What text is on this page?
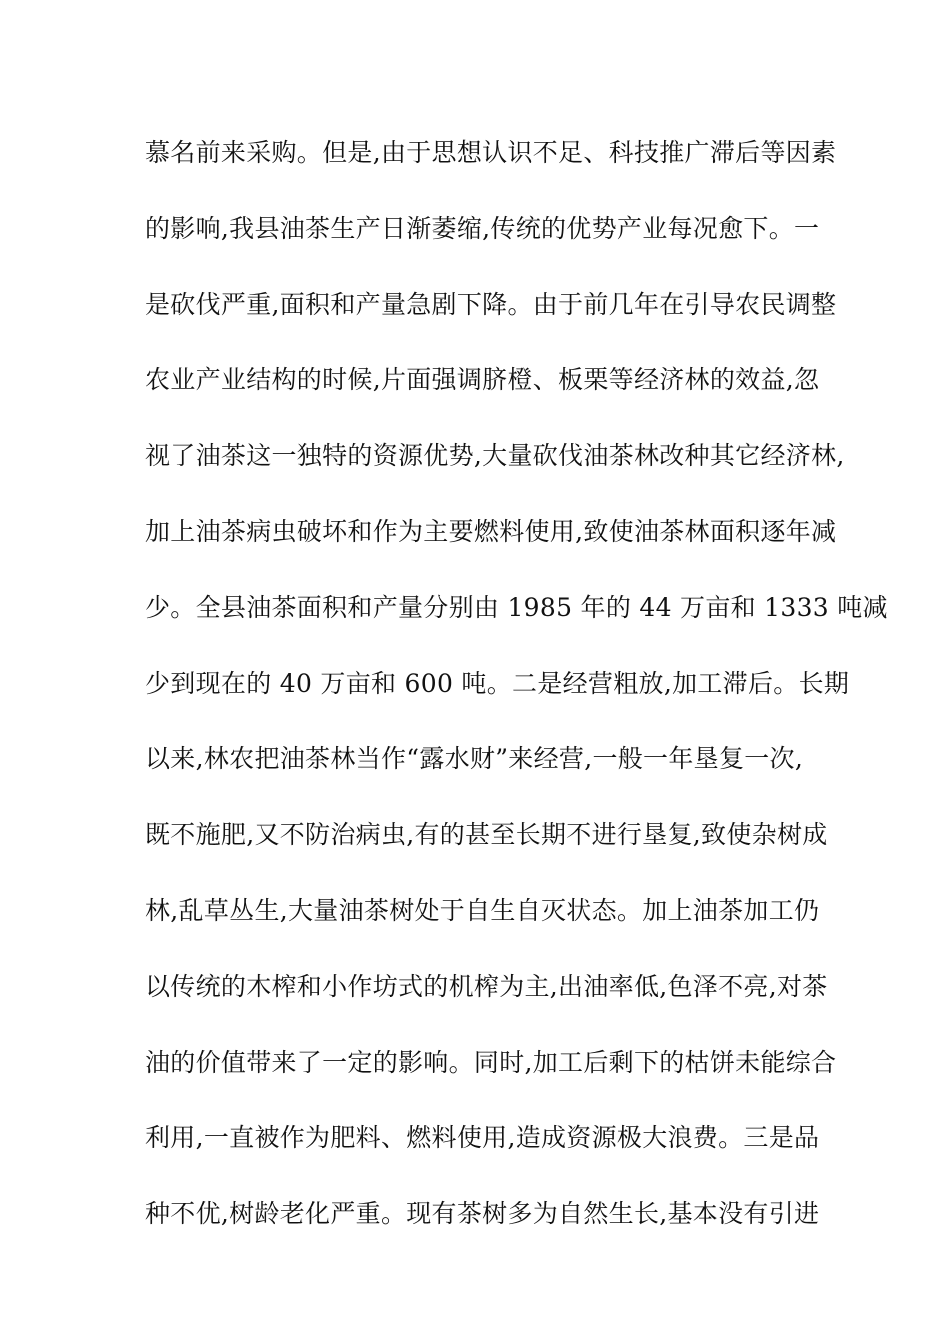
慕名前来采购。但是,由于思想认识不足、科技推广滞后等因素
的影响,我县油茶生产日渐萎缩,传统的优势产业每况愈下。一
是砍伐严重,面积和产量急剧下降。由于前几年在引导农民调整
农业产业结构的时候,片面强调脐橙、板栗等经济林的效益,忽
视了油茶这一独特的资源优势,大量砍伐油茶林改种其它经济林,
加上油茶病虫破坏和作为主要燃料使用,致使油茶林面积逐年减
少。全县油茶面积和产量分别由 1985 年的 44 万亩和 1333 吨减
少到现在的 40 万亩和 600 吨。二是经营粗放,加工滞后。长期
以来,林农把油茶林当作“露水财”来经营,一般一年垦复一次,
既不施肥,又不防治病虫,有的甚至长期不进行垦复,致使杂树成
林,乱草丛生,大量油茶树处于自生自灭状态。加上油茶加工仍
以传统的木榨和小作坊式的机榨为主,出油率低,色泽不亮,对茶
油的价值带来了一定的影响。同时,加工后剩下的枯饼未能综合
利用,一直被作为肥料、燃料使用,造成资源极大浪费。三是品
种不优,树龄老化严重。现有茶树多为自然生长,基本没有引进
